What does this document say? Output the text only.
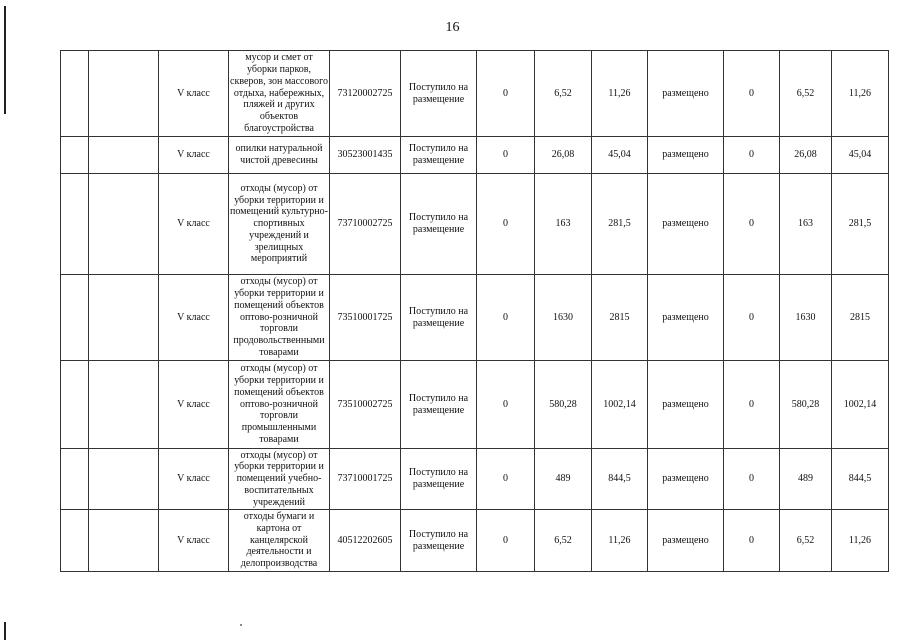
16
		V класс	мусор и смет от уборки парков, скверов, зон массового отдыха, набережных, пляжей и других объектов благоустройства	73120002725	Поступило на размещение	0	6,52	11,26	размещено	0	6,52	11,26
		V класс	опилки натуральной чистой древесины	30523001435	Поступило на размещение	0	26,08	45,04	размещено	0	26,08	45,04
		V класс	отходы (мусор) от уборки территории и помещений культурно-спортивных учреждений и зрелищных мероприятий	73710002725	Поступило на размещение	0	163	281,5	размещено	0	163	281,5
		V класс	отходы (мусор) от уборки территории и помещений объектов оптово-розничной торговли продовольственными товарами	73510001725	Поступило на размещение	0	1630	2815	размещено	0	1630	2815
		V класс	отходы (мусор) от уборки территории и помещений объектов оптово-розничной торговли промышленными товарами	73510002725	Поступило на размещение	0	580,28	1002,14	размещено	0	580,28	1002,14
		V класс	отходы (мусор) от уборки территории и помещений учебно-воспитательных учреждений	73710001725	Поступило на размещение	0	489	844,5	размещено	0	489	844,5
		V класс	отходы бумаги и картона от канцелярской деятельности и делопроизводства	40512202605	Поступило на размещение	0	6,52	11,26	размещено	0	6,52	11,26
